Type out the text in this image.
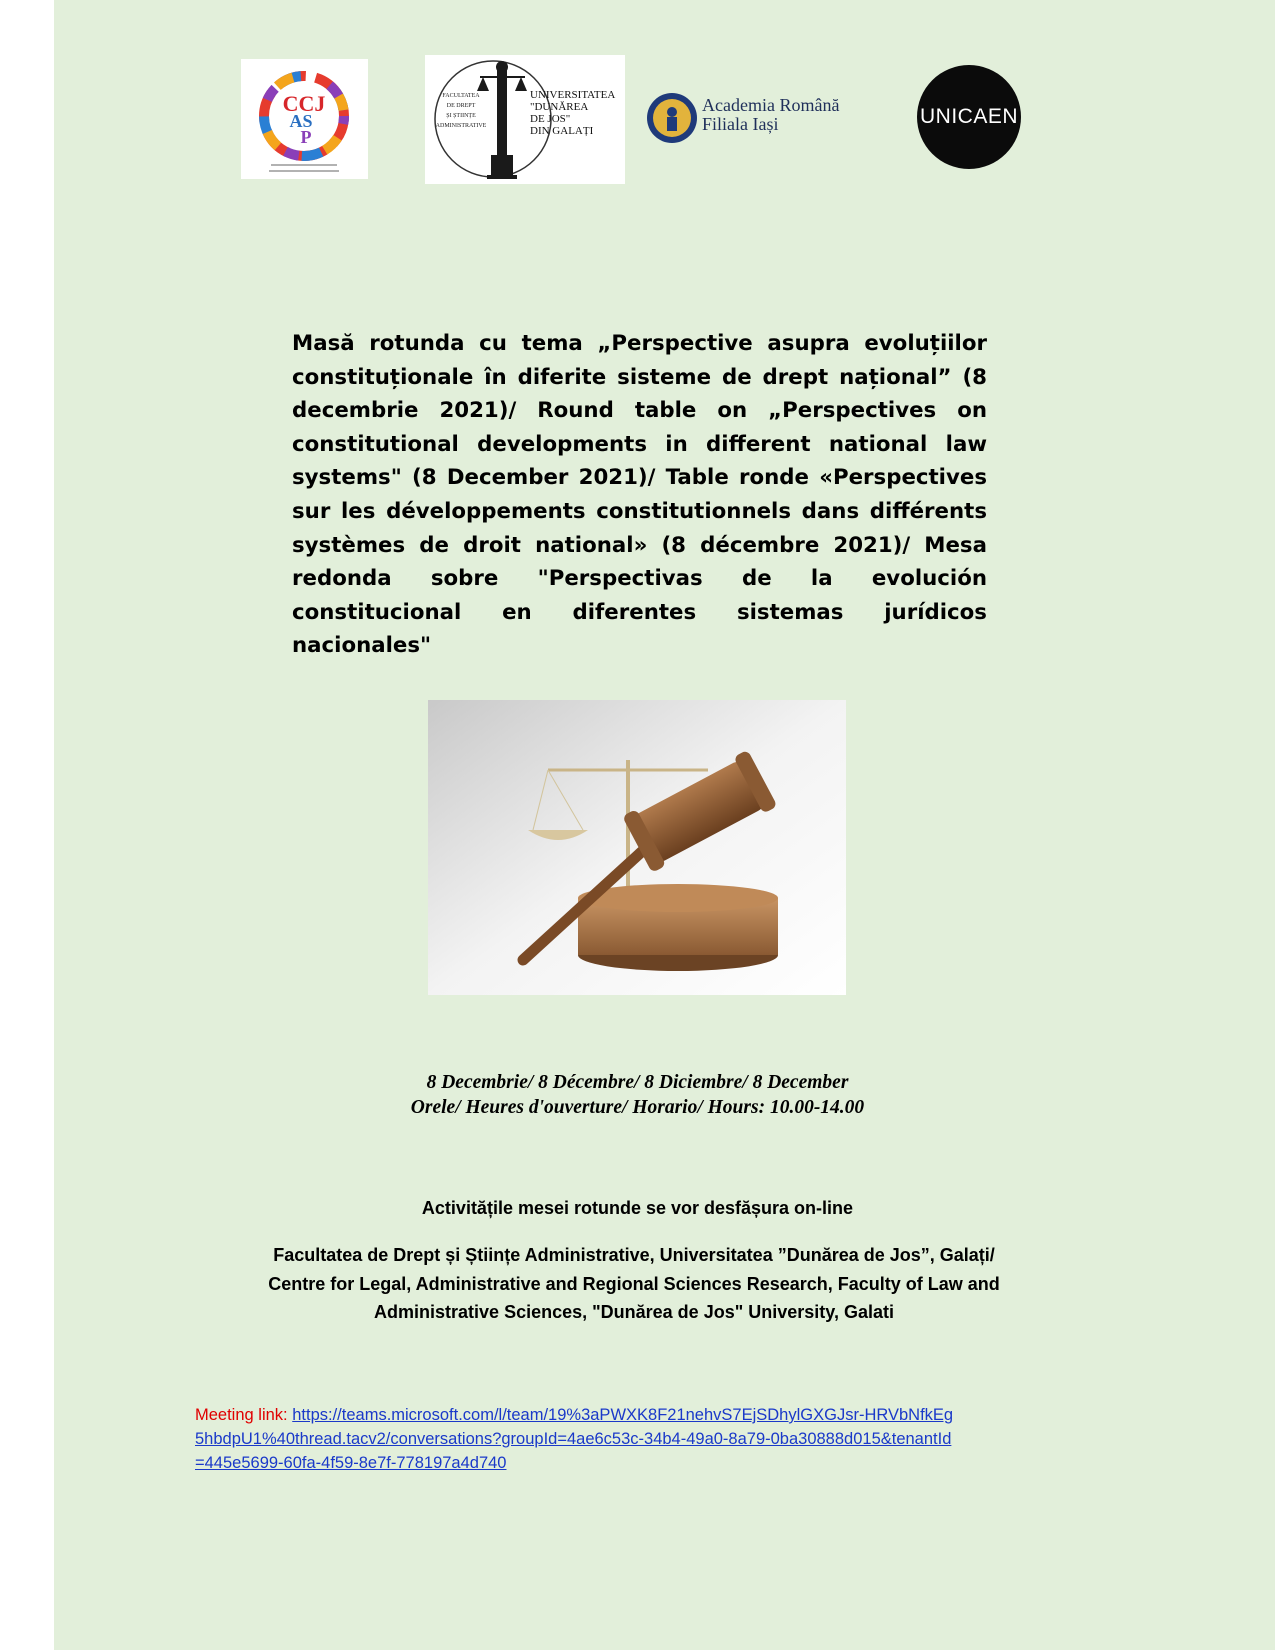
CCJ
AS
P
FACULTATEA
DE DREPT
ȘI ȘTIINȚE
ADMINISTRATIVE
UNIVERSITATEA
"DUNĂREA
DE JOS"
DIN GALAȚI
Academia Română
Filiala Iași	UNICAEN

Masă rotunda cu tema „Perspective asupra evoluțiilor constituționale în diferite sisteme de drept național” (8 decembrie 2021)/ Round table on „Perspectives on constitutional developments in different national law systems" (8 December 2021)/ Table ronde «Perspectives sur les développements constitutionnels dans différents systèmes de droit national» (8 décembre 2021)/ Mesa redonda sobre "Perspectivas de la evolución constitucional en diferentes sistemas jurídicos nacionales"

8 Decembrie/ 8 Décembre/ 8 Diciembre/ 8 December
Orele/ Heures d'ouverture/ Horario/ Hours: 10.00-14.00
Activitățile mesei rotunde se vor desfășura on-line
Facultatea de Drept și Științe Administrative, Universitatea ”Dunărea de Jos”, Galați/
Centre for Legal, Administrative and Regional Sciences Research, Faculty of Law and
Administrative Sciences, "Dunărea de Jos" University, Galati
Meeting link: https://teams.microsoft.com/l/team/19%3aPWXK8F21nehvS7EjSDhylGXGJsr-HRVbNfkEg5hbdpU1%40thread.tacv2/conversations?groupId=4ae6c53c-34b4-49a0-8a79-0ba30888d015&tenantId=445e5699-60fa-4f59-8e7f-778197a4d740
